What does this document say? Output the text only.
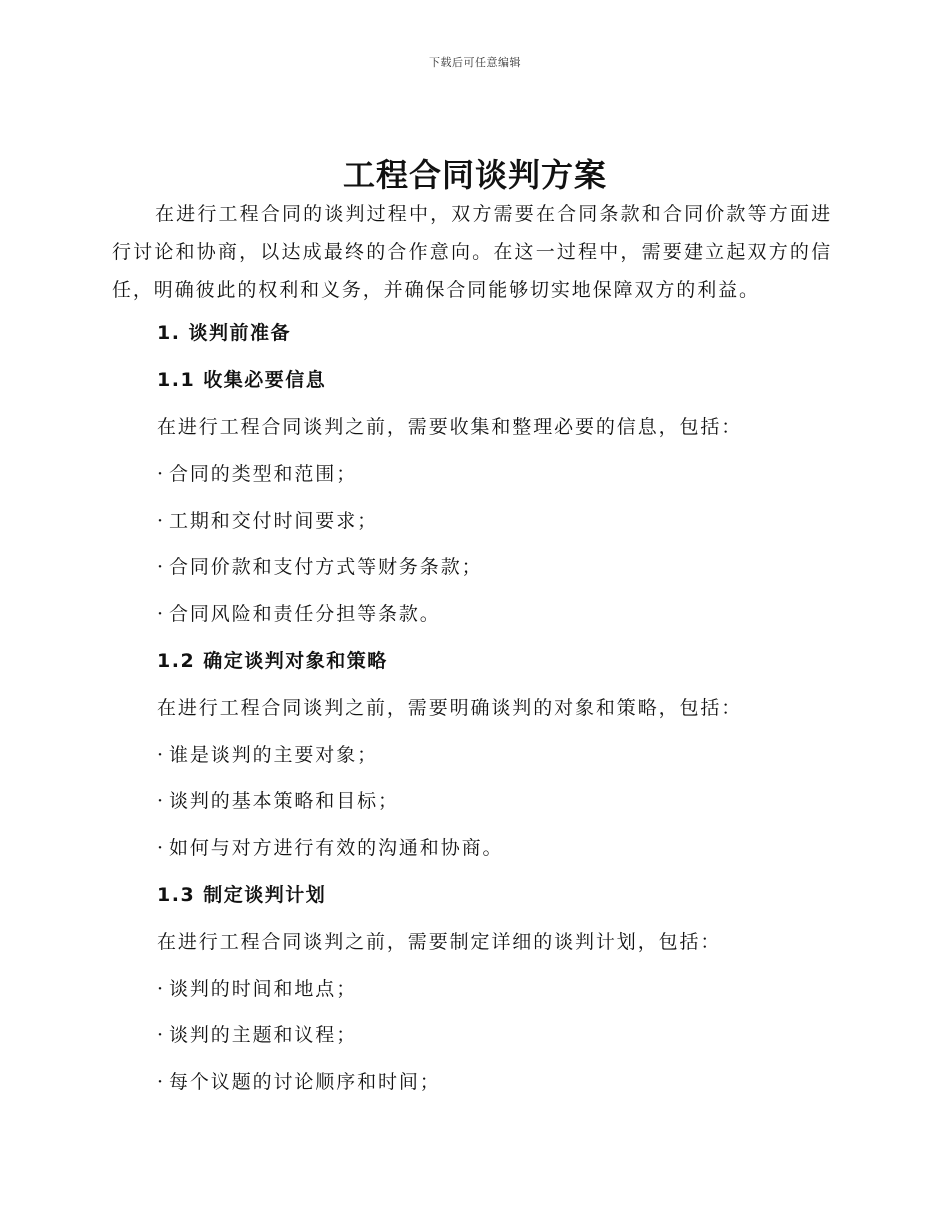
下载后可任意编辑
工程合同谈判方案

在进行工程合同的谈判过程中，双方需要在合同条款和合同价款等方面进行讨论和协商，以达成最终的合作意向。在这一过程中，需要建立起双方的信任，明确彼此的权利和义务，并确保合同能够切实地保障双方的利益。

1. 谈判前准备
1.1 收集必要信息
在进行工程合同谈判之前，需要收集和整理必要的信息，包括：
· 合同的类型和范围；
· 工期和交付时间要求；
· 合同价款和支付方式等财务条款；
· 合同风险和责任分担等条款。
1.2 确定谈判对象和策略
在进行工程合同谈判之前，需要明确谈判的对象和策略，包括：
· 谁是谈判的主要对象；
· 谈判的基本策略和目标；
· 如何与对方进行有效的沟通和协商。
1.3 制定谈判计划
在进行工程合同谈判之前，需要制定详细的谈判计划，包括：
· 谈判的时间和地点；
· 谈判的主题和议程；
· 每个议题的讨论顺序和时间；
